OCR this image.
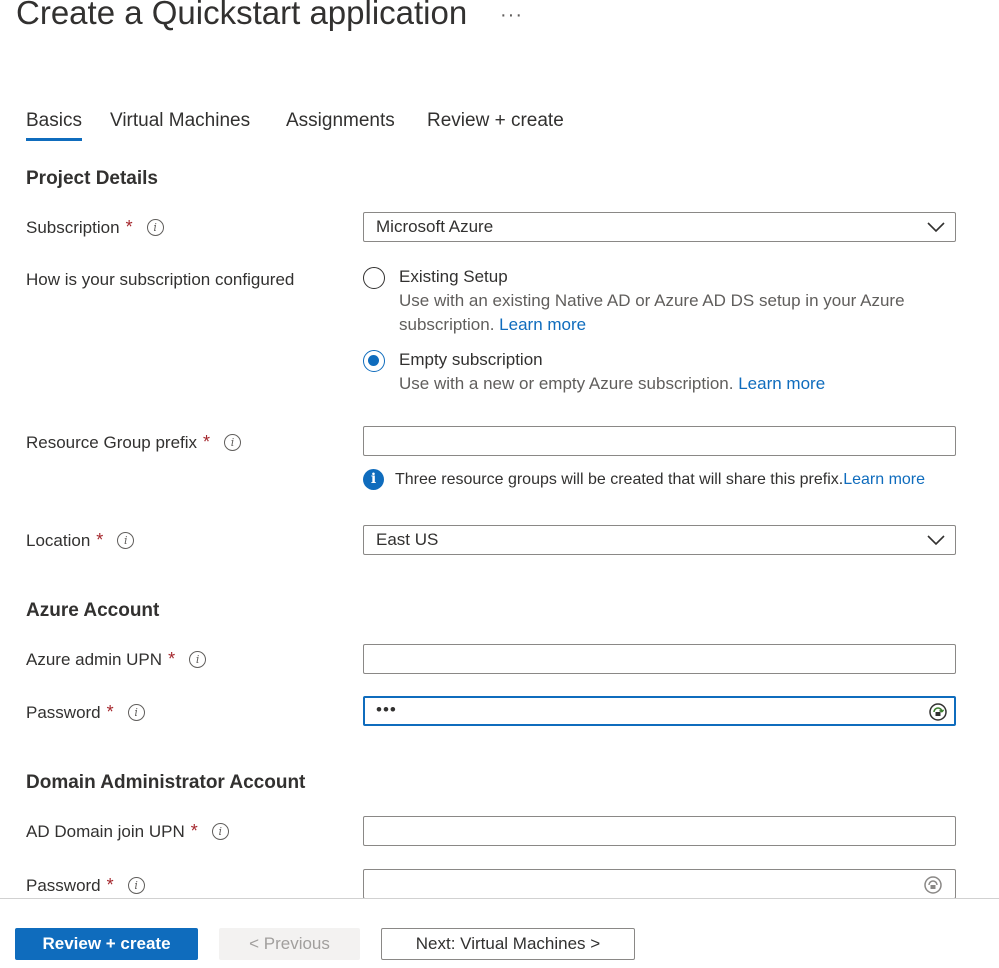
Create a Quickstart application ···
Basics Virtual Machines Assignments Review + create
Project Details
Subscription *	i	Microsoft Azure
How is your subscription configured	Existing Setup
Use with an existing Native AD or Azure AD DS setup in your Azure subscription. Learn more
Empty subscription
Use with a new or empty Azure subscription. Learn more
Resource Group prefix *	i
i	Three resource groups will be created that will share this prefix. Learn more
Location *	i	East US
Azure Account
Azure admin UPN *	i
Password *	i	•••
Domain Administrator Account
AD Domain join UPN *	i
Password *	i
Review + create	< Previous	Next: Virtual Machines >
